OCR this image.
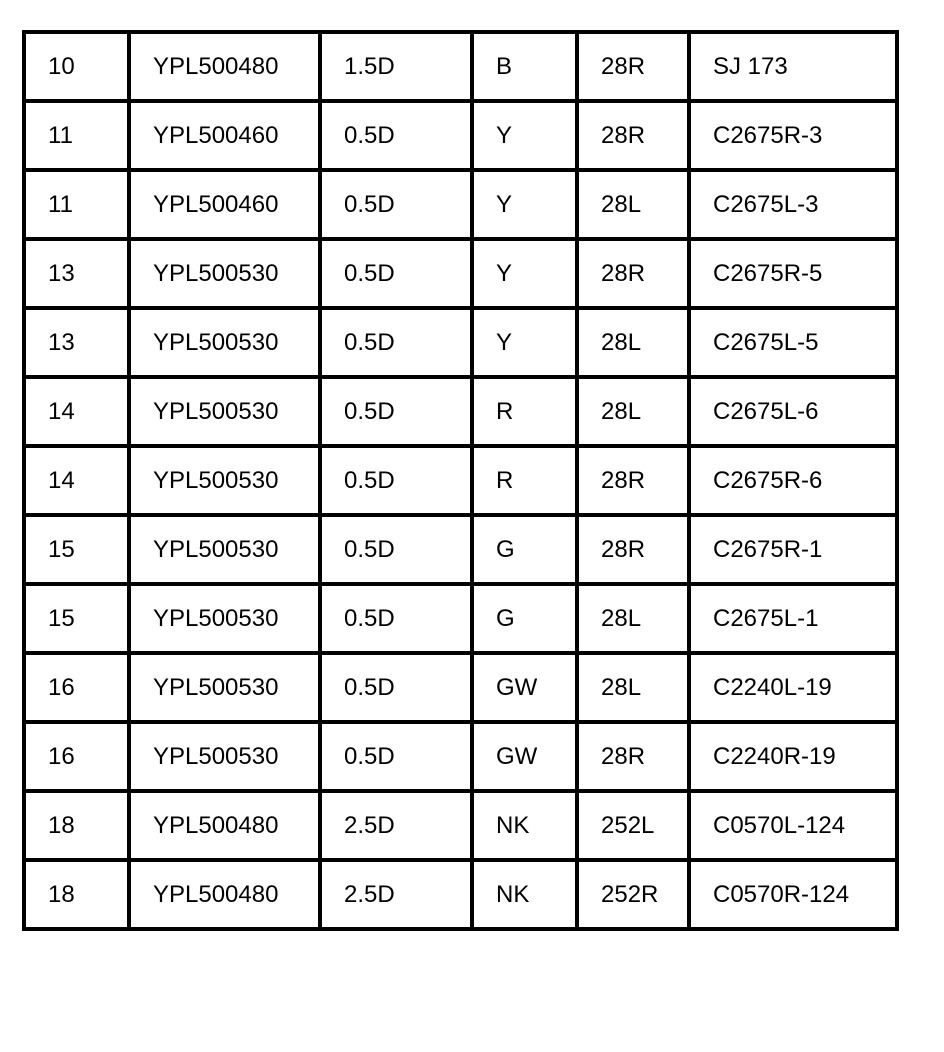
10	YPL500480	1.5D	B	28R	SJ 173
11	YPL500460	0.5D	Y	28R	C2675R-3
11	YPL500460	0.5D	Y	28L	C2675L-3
13	YPL500530	0.5D	Y	28R	C2675R-5
13	YPL500530	0.5D	Y	28L	C2675L-5
14	YPL500530	0.5D	R	28L	C2675L-6
14	YPL500530	0.5D	R	28R	C2675R-6
15	YPL500530	0.5D	G	28R	C2675R-1
15	YPL500530	0.5D	G	28L	C2675L-1
16	YPL500530	0.5D	GW	28L	C2240L-19
16	YPL500530	0.5D	GW	28R	C2240R-19
18	YPL500480	2.5D	NK	252L	C0570L-124
18	YPL500480	2.5D	NK	252R	C0570R-124
